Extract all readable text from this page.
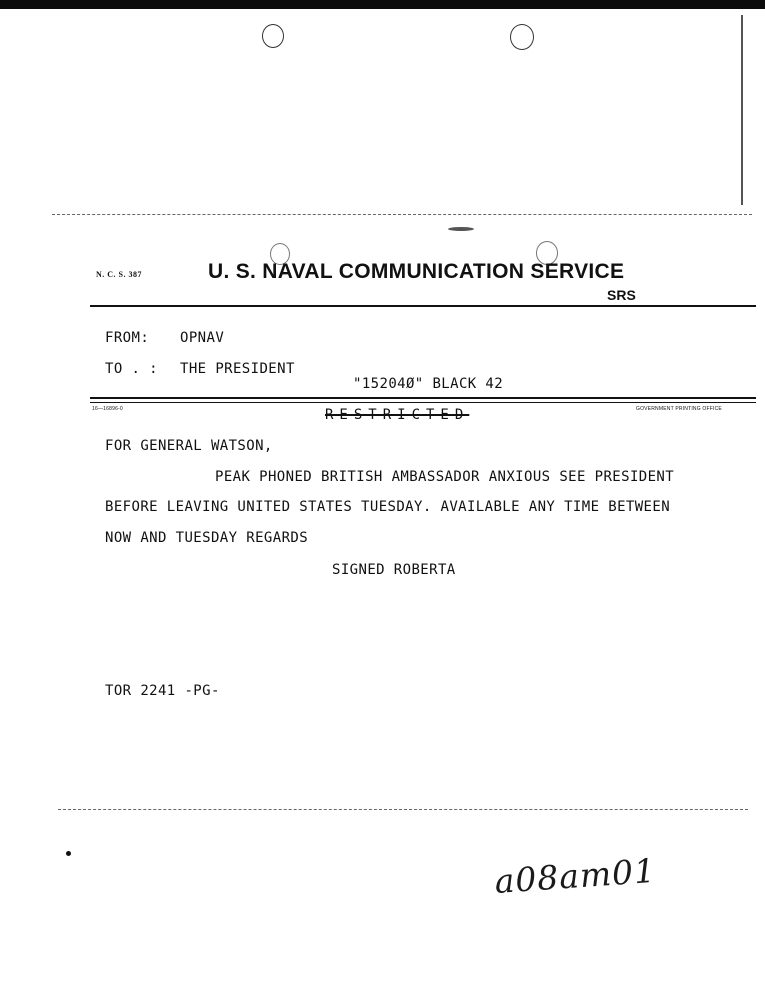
N. C. S. 387	U. S. NAVAL COMMUNICATION SERVICE
SRS
FROM: OPNAV
TO . : THE PRESIDENT
"15204Ø" BLACK 42
16—16896-0	GOVERNMENT PRINTING OFFICE
RESTRICTED
FOR GENERAL WATSON,
PEAK PHONED BRITISH AMBASSADOR ANXIOUS SEE PRESIDENT
BEFORE LEAVING UNITED STATES TUESDAY. AVAILABLE ANY TIME BETWEEN
NOW AND TUESDAY REGARDS
SIGNED ROBERTA
TOR 2241 -PG-
a08am01
